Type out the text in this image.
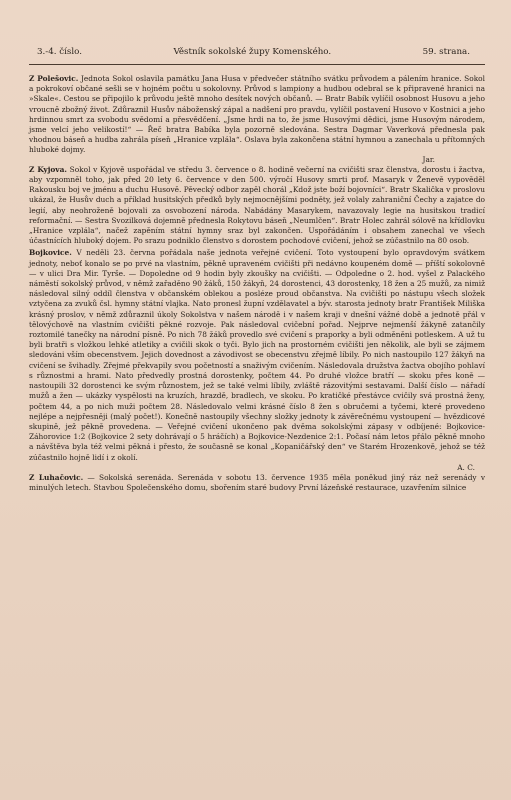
3.-4. číslo.	Věstník sokolské župy Komenského.	59. strana.

Z Polešovic. Jednota Sokol oslavila památku Jana Husa v předvečer státního svátku průvodem a pálením hranice. Sokol a pokrokoví občané sešli se v hojném počtu u sokolovny. Průvod s lampiony a hudbou odebral se k připravené hranici na »Skale«. Cestou se připojilo k průvodu ještě mnoho desítek nových občanů. — Bratr Babík vylíčil osobnost Husovu a jeho vroucně zbožný život. Zdůraznil Husův náboženský zápal a nadšení pro pravdu, vylíčil postavení Husovo v Kostnici a jeho hrdinnou smrt za svobodu svědomí a přesvědčení. „Jsme hrdi na to, že jsme Husovými dědici, jsme Husovým národem, jsme velcí jeho velikostí!“ — Řeč bratra Babíka byla pozorně sledována. Sestra Dagmar Vaverková přednesla pak vhodnou báseň a hudba zahrála píseň „Hranice vzplála“. Oslava byla zakončena státní hymnou a zanechala u přítomných hluboké dojmy.

Jar.

Z Kyjova. Sokol v Kyjově uspořádal ve středu 3. července o 8. hodině večerní na cvičišti sraz členstva, dorostu i žactva, aby vzpomněl toho, jak před 20 lety 6. července v den 500. výročí Husovy smrti prof. Masaryk v Ženevě vypověděl Rakousku boj ve jménu a duchu Husově. Pěvecký odbor zapěl chorál „Kdož jste boží bojovníci“. Bratr Skalička v proslovu ukázal, že Husův duch a příklad husitských předků byly nejmocnějšími podněty, jež volaly zahraniční Čechy a zajatce do legií, aby neohroženě bojovali za osvobození národa. Nabádány Masarykem, navazovaly legie na husitskou tradicí reformační. — Sestra Svozilková dojemně přednesla Rokytovu báseň „Neumlčen“. Bratr Holec zahrál sólově na křídlovku „Hranice vzplála“, načež zapěním státní hymny sraz byl zakončen. Uspořádáním i obsahem zanechal ve všech účastnících hluboký dojem. Po srazu podniklo členstvo s dorostem pochodové cvičení, jehož se zúčastnilo na 80 osob.

Bojkovice. V neděli 23. června pořádala naše jednota veřejné cvičení. Toto vystoupení bylo opravdovým svátkem jednoty, neboť konalo se po prvé na vlastním, pěkně upraveném cvičišti při nedávno koupeném domě — příští sokolovně — v ulici Dra Mir. Tyrše. — Dopoledne od 9 hodin byly zkoušky na cvičišti. — Odpoledne o 2. hod. vyšel z Palackého náměstí sokolský průvod, v němž zařaděno 90 žáků, 150 žákyň, 24 dorostenci, 43 dorostenky, 18 žen a 25 mužů, za nimiž následoval silný oddíl členstva v občanském oblekou a posléze proud občanstva. Na cvičišti po nástupu všech složek vztyčena za zvuků čsl. hymny státní vlajka. Nato pronesl župní vzdělavatel a býv. starosta jednoty bratr František Miliška krásný proslov, v němž zdůraznil úkoly Sokolstva v našem národě i v našem kraji v dnešní vážné době a jednotě přál v tělovýchově na vlastním cvičišti pěkné rozvoje. Pak následoval cvičební pořad. Nejprve nejmenší žákyně zatančily roztomilé tanečky na národní písně. Po nich 78 žáků provedlo své cvičení s praporky a byli odměněni potleskem. A už tu byli bratři s vložkou lehké atletiky a cvičili skok o tyči. Bylo jich na prostorném cvičišti jen několik, ale byli se zájmem sledováni vším obecenstvem. Jejich dovednost a závodivost se obecenstvu zřejmě líbily. Po nich nastoupilo 127 žákyň na cvičení se švihadly. Zřejmé překvapily svou početností a snaživým cvičením. Následovala družstva žactva obojího pohlaví s různostmi a hrami. Nato předvedly prostná dorostenky, počtem 44. Po druhé vložce bratří — skoku přes koně — nastoupili 32 dorostenci ke svým různostem, jež se také velmi líbily, zvláště rázovitými sestavami. Další číslo — nářadí mužů a žen — ukázky vyspělosti na kruzích, hrazdě, bradlech, ve skoku. Po kratičké přestávce cvičily svá prostná ženy, počtem 44, a po nich muži počtem 28. Následovalo velmi krásné číslo 8 žen s obručemi a tyčemi, které provedeno nejlépe a nejpřesněji (malý počet!). Konečně nastoupily všechny složky jednoty k závěrečnému vystoupení — hvězdicové skupině, jež pěkně provedena. — Veřejné cvičení ukončeno pak dvěma sokolskými zápasy v odbíjené: Bojkovice-Záhorovice 1:2 (Bojkovice 2 sety dohrávají o 5 hráčích) a Bojkovice-Nezdenice 2:1. Počasí nám letos přálo pěkně mnoho a návštěva byla též velmi pěkná i přesto, že současně se konal „Kopaničářský den“ ve Starém Hrozenkově, jehož se též zúčastnilo hojně lidí i z okolí.

A. C.

Z Luhačovic. — Sokolská serenáda. Serenáda v sobotu 13. července 1935 měla poněkud jiný ráz než serenády v minulých letech. Stavbou Společenského domu, sbořením staré budovy První lázeňské restaurace, uzavřením silnice
